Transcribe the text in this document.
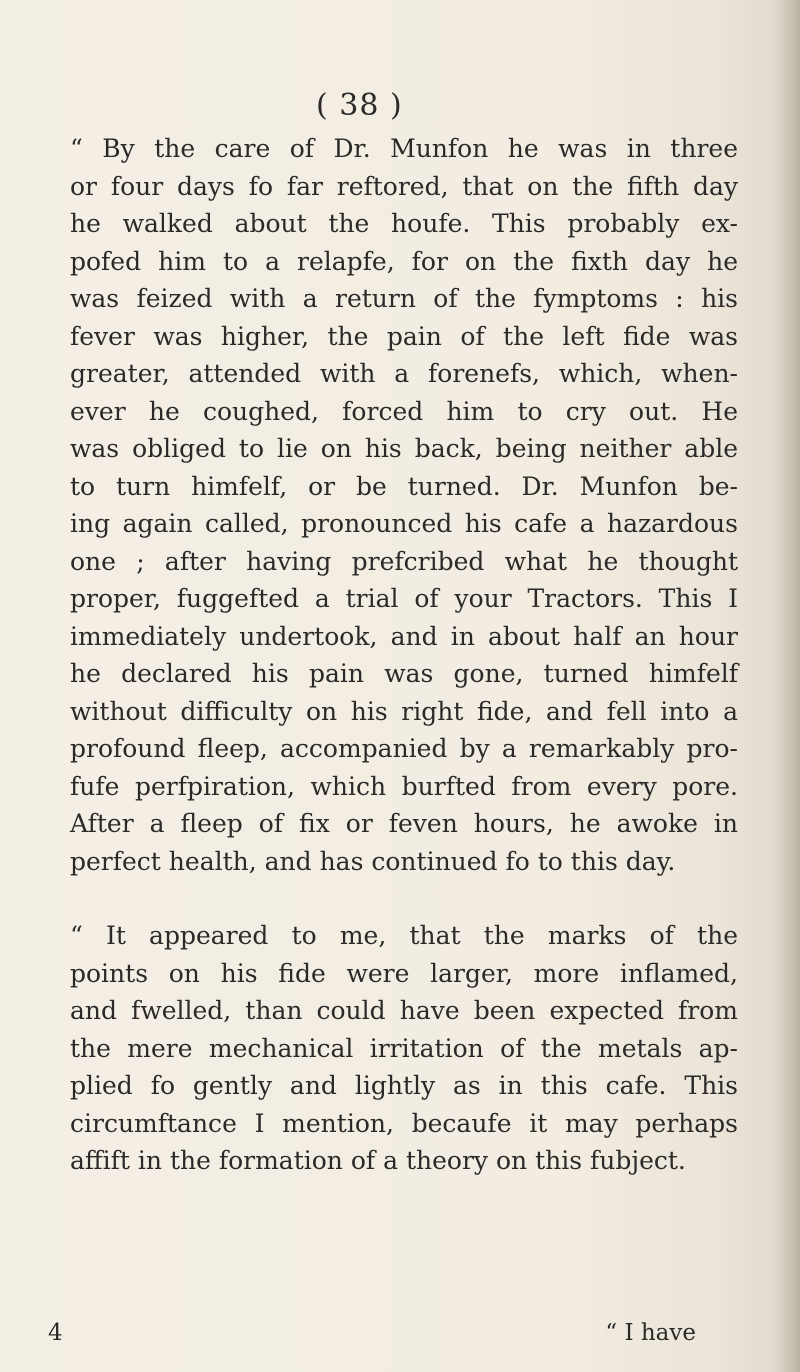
( 38 )

“ By the care of Dr. Munfon he was in three
or four days fo far reftored, that on the fifth day
he walked about the houfe. This probably ex-
pofed him to a relapfe, for on the fixth day he
was feized with a return of the fymptoms : his
fever was higher, the pain of the left fide was
greater, attended with a forenefs, which, when-
ever he coughed, forced him to cry out. He
was obliged to lie on his back, being neither able
to turn himfelf, or be turned. Dr. Munfon be-
ing again called, pronounced his cafe a hazardous
one ; after having prefcribed what he thought
proper, fuggefted a trial of your Tractors. This I
immediately undertook, and in about half an hour
he declared his pain was gone, turned himfelf
without difficulty on his right fide, and fell into a
profound fleep, accompanied by a remarkably pro-
fufe perfpiration, which burfted from every pore.
After a fleep of fix or feven hours, he awoke in
perfect health, and has continued fo to this day.

“ It appeared to me, that the marks of the
points on his fide were larger, more inflamed,
and fwelled, than could have been expected from
the mere mechanical irritation of the metals ap-
plied fo gently and lightly as in this cafe. This
circumftance I mention, becaufe it may perhaps
affift in the formation of a theory on this fubject.

4	“ I have
